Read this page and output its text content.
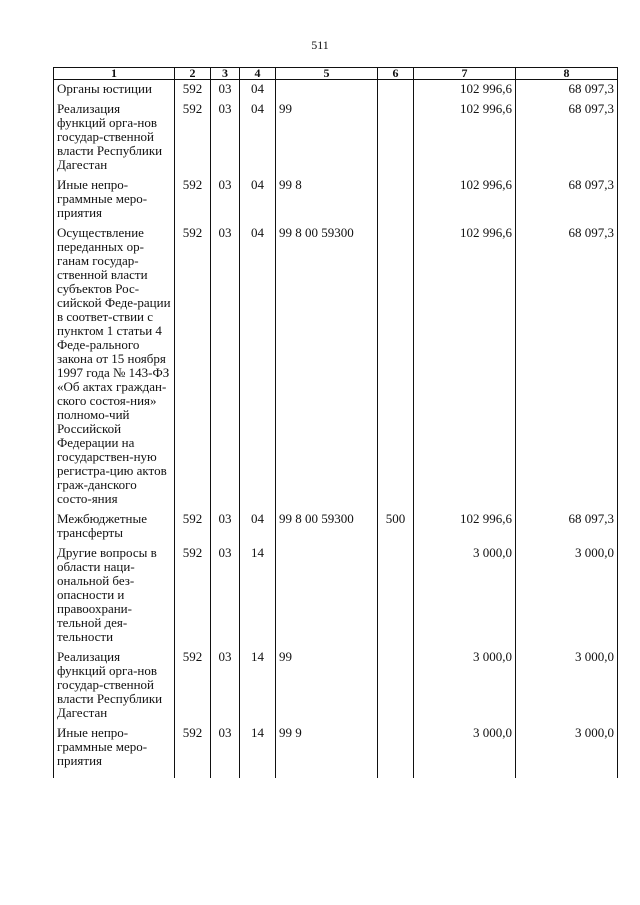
511
1	2	3	4	5	6	7	8
Органы юстиции	592	03	04			102 996,6	68 097,3
Реализация функций орга-нов государ-ственной власти Республики Дагестан	592	03	04	99		102 996,6	68 097,3
Иные непро-граммные меро-приятия	592	03	04	99 8		102 996,6	68 097,3
Осуществление переданных ор-ганам государ-ственной власти субъектов Рос-сийской Феде-рации в соответ-ствии с пунктом 1 статьи 4 Феде-рального закона от 15 ноября 1997 года № 143-ФЗ «Об актах граждан-ского состоя-ния» полномо-чий Российской Федерации на государствен-ную регистра-цию актов граж-данского состо-яния	592	03	04	99 8 00 59300		102 996,6	68 097,3
Межбюджетные трансферты	592	03	04	99 8 00 59300	500	102 996,6	68 097,3
Другие вопросы в области наци-ональной без-опасности и правоохрани-тельной дея-тельности	592	03	14			3 000,0	3 000,0
Реализация функций орга-нов государ-ственной власти Республики Дагестан	592	03	14	99		3 000,0	3 000,0
Иные непро-граммные меро-приятия	592	03	14	99 9		3 000,0	3 000,0
